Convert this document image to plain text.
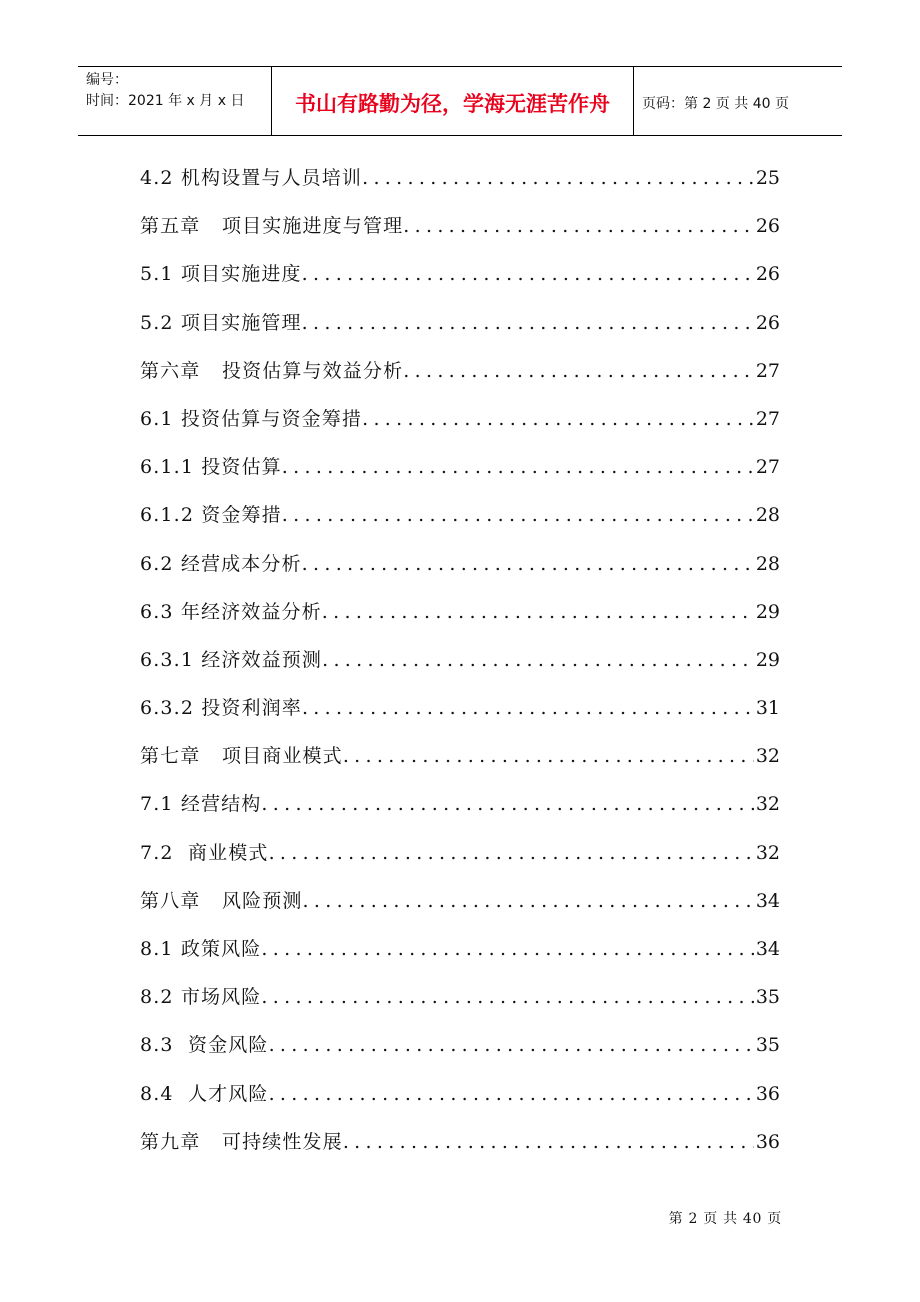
编号：
时间：2021 年 x 月 x 日	书山有路勤为径，学海无涯苦作舟	页码：第 2 页 共 40 页
4.2 机构设置与人员培训 .....	25
第五章   项目实施进度与管理 .....	26
5.1 项目实施进度 .....	26
5.2 项目实施管理 .....	26
第六章   投资估算与效益分析 .....	27
6.1 投资估算与资金筹措 .....	27
6.1.1 投资估算 .....	27
6.1.2 资金筹措 .....	28
6.2 经营成本分析 .....	28
6.3 年经济效益分析 .....	29
6.3.1 经济效益预测 .....	29
6.3.2 投资利润率 .....	31
第七章   项目商业模式 .....	32
7.1 经营结构 .....	32
7.2  商业模式 .....	32
第八章   风险预测 .....	34
8.1 政策风险 .....	34
8.2 市场风险 .....	35
8.3  资金风险 .....	35
8.4  人才风险 .....	36
第九章   可持续性发展 .....	36
第 2 页 共 40 页
